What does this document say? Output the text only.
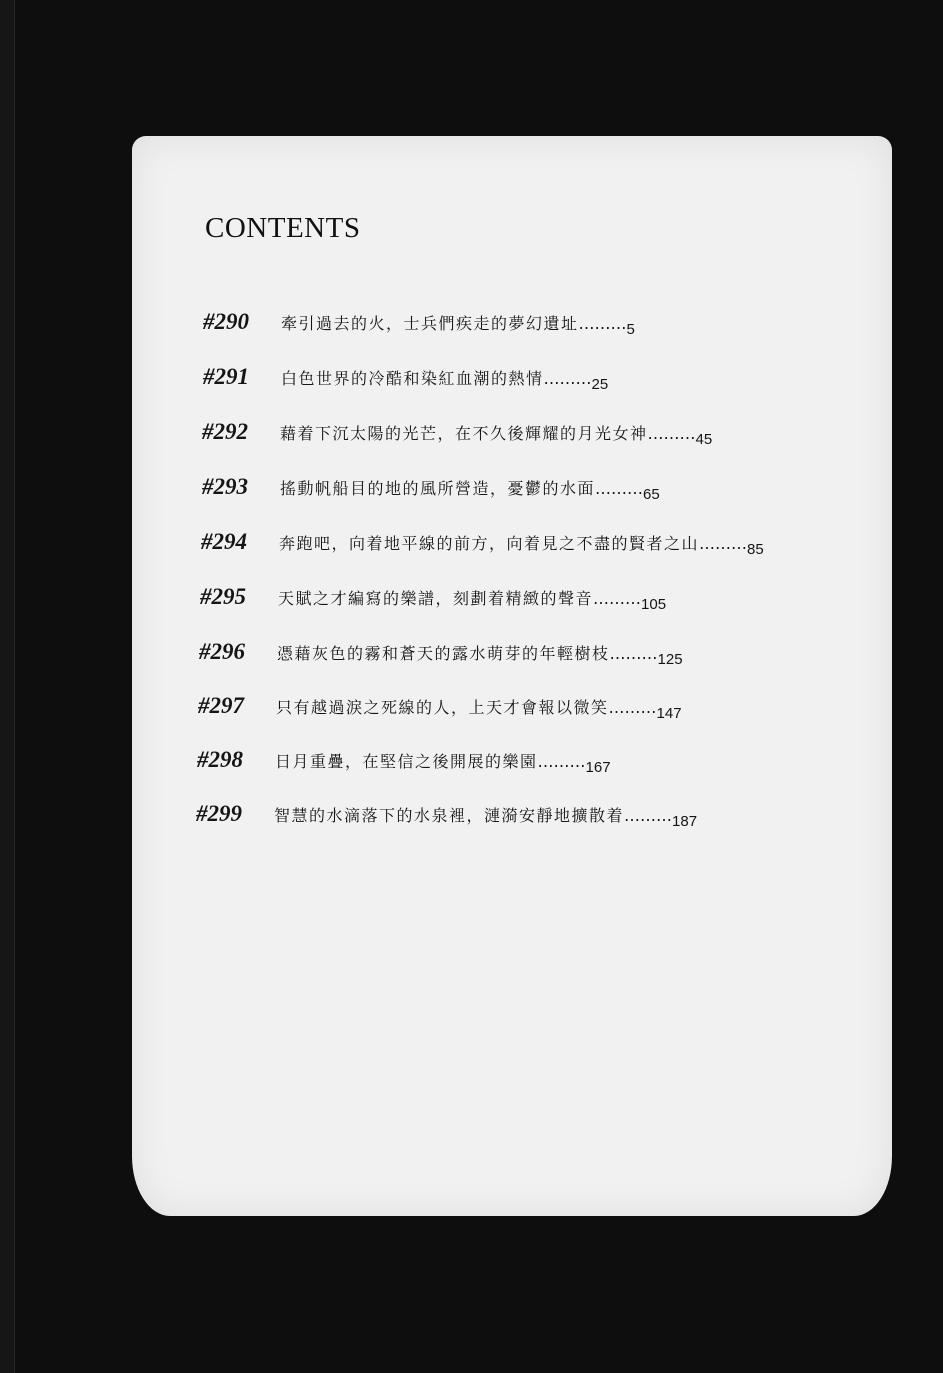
CONTENTS
#290 牽引過去的火，士兵們疾走的夢幻遺址………5
#291 白色世界的冷酷和染紅血潮的熱情………25
#292 藉着下沉太陽的光芒，在不久後輝耀的月光女神………45
#293 搖動帆船目的地的風所營造，憂鬱的水面………65
#294 奔跑吧，向着地平線的前方，向着見之不盡的賢者之山………85
#295 天賦之才編寫的樂譜，刻劃着精緻的聲音………105
#296 憑藉灰色的霧和蒼天的露水萌芽的年輕樹枝………125
#297 只有越過淚之死線的人，上天才會報以微笑………147
#298 日月重疊，在堅信之後開展的樂園………167
#299 智慧的水滴落下的水泉裡，漣漪安靜地擴散着………187
